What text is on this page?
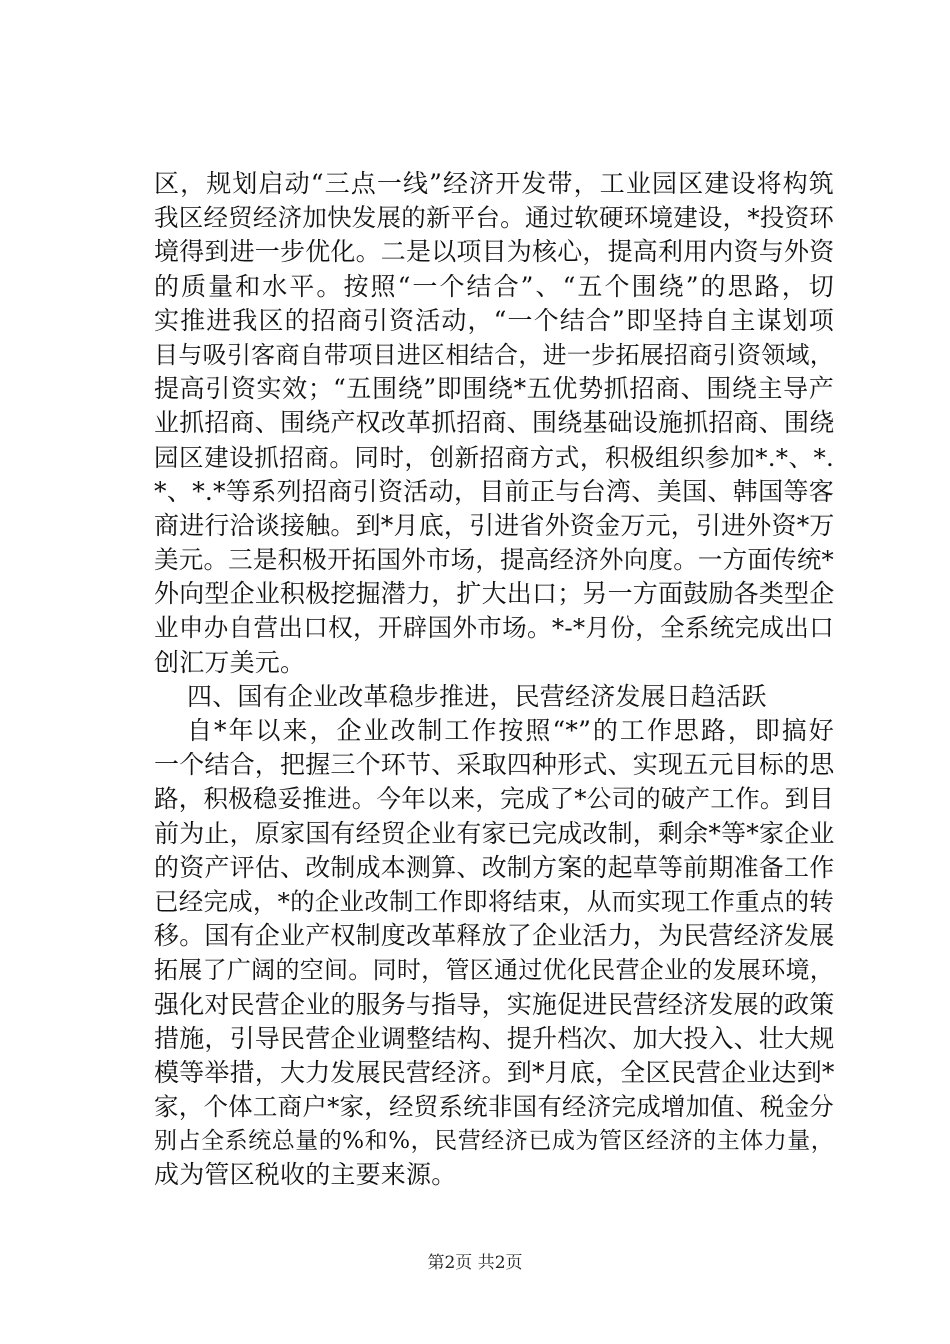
区，规划启动“三点一线”经济开发带，工业园区建设将构筑
我区经贸经济加快发展的新平台。通过软硬环境建设，*投资环
境得到进一步优化。二是以项目为核心，提高利用内资与外资
的质量和水平。按照“一个结合”、“五个围绕”的思路，切
实推进我区的招商引资活动，“一个结合”即坚持自主谋划项
目与吸引客商自带项目进区相结合，进一步拓展招商引资领域，
提高引资实效；“五围绕”即围绕*五优势抓招商、围绕主导产
业抓招商、围绕产权改革抓招商、围绕基础设施抓招商、围绕
园区建设抓招商。同时，创新招商方式，积极组织参加*.*、*.
*、*.*等系列招商引资活动，目前正与台湾、美国、韩国等客
商进行洽谈接触。到*月底，引进省外资金万元，引进外资*万
美元。三是积极开拓国外市场，提高经济外向度。一方面传统*
外向型企业积极挖掘潜力，扩大出口；另一方面鼓励各类型企
业申办自营出口权，开辟国外市场。*-*月份，全系统完成出口
创汇万美元。
四、国有企业改革稳步推进，民营经济发展日趋活跃
自*年以来，企业改制工作按照“*”的工作思路，即搞好
一个结合，把握三个环节、采取四种形式、实现五元目标的思
路，积极稳妥推进。今年以来，完成了*公司的破产工作。到目
前为止，原家国有经贸企业有家已完成改制，剩余*等*家企业
的资产评估、改制成本测算、改制方案的起草等前期准备工作
已经完成，*的企业改制工作即将结束，从而实现工作重点的转
移。国有企业产权制度改革释放了企业活力，为民营经济发展
拓展了广阔的空间。同时，管区通过优化民营企业的发展环境，
强化对民营企业的服务与指导，实施促进民营经济发展的政策
措施，引导民营企业调整结构、提升档次、加大投入、壮大规
模等举措，大力发展民营经济。到*月底，全区民营企业达到*
家，个体工商户*家，经贸系统非国有经济完成增加值、税金分
别占全系统总量的%和%，民营经济已成为管区经济的主体力量，
成为管区税收的主要来源。
第2页 共2页
